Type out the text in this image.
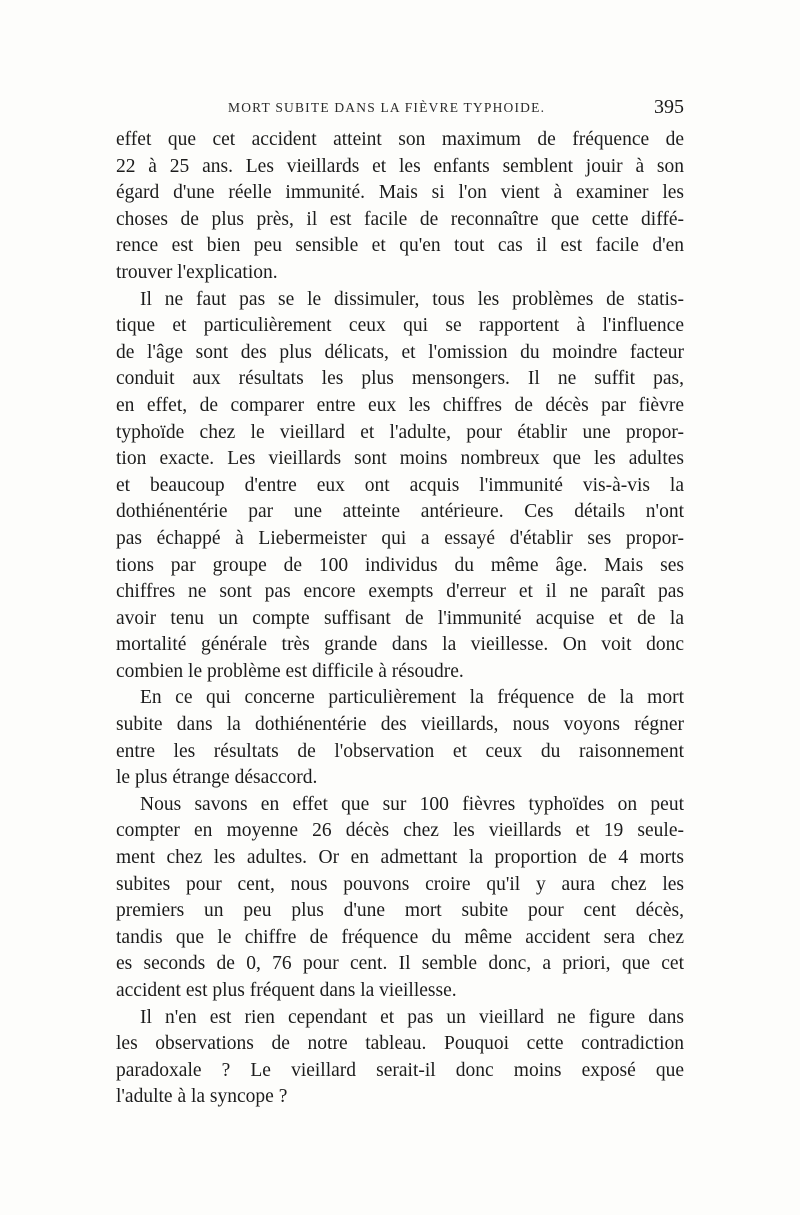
MORT SUBITE DANS LA FIÈVRE TYPHOIDE.	395
effet que cet accident atteint son maximum de fréquence de
22 à 25 ans. Les vieillards et les enfants semblent jouir à son
égard d'une réelle immunité. Mais si l'on vient à examiner les
choses de plus près, il est facile de reconnaître que cette diffé-
rence est bien peu sensible et qu'en tout cas il est facile d'en
trouver l'explication.
Il ne faut pas se le dissimuler, tous les problèmes de statis-
tique et particulièrement ceux qui se rapportent à l'influence
de l'âge sont des plus délicats, et l'omission du moindre facteur
conduit aux résultats les plus mensongers. Il ne suffit pas,
en effet, de comparer entre eux les chiffres de décès par fièvre
typhoïde chez le vieillard et l'adulte, pour établir une propor-
tion exacte. Les vieillards sont moins nombreux que les adultes
et beaucoup d'entre eux ont acquis l'immunité vis-à-vis la
dothiénentérie par une atteinte antérieure. Ces détails n'ont
pas échappé à Liebermeister qui a essayé d'établir ses propor-
tions par groupe de 100 individus du même âge. Mais ses
chiffres ne sont pas encore exempts d'erreur et il ne paraît pas
avoir tenu un compte suffisant de l'immunité acquise et de la
mortalité générale très grande dans la vieillesse. On voit donc
combien le problème est difficile à résoudre.
En ce qui concerne particulièrement la fréquence de la mort
subite dans la dothiénentérie des vieillards, nous voyons régner
entre les résultats de l'observation et ceux du raisonnement
le plus étrange désaccord.
Nous savons en effet que sur 100 fièvres typhoïdes on peut
compter en moyenne 26 décès chez les vieillards et 19 seule-
ment chez les adultes. Or en admettant la proportion de 4 morts
subites pour cent, nous pouvons croire qu'il y aura chez les
premiers un peu plus d'une mort subite pour cent décès,
tandis que le chiffre de fréquence du même accident sera chez
es seconds de 0, 76 pour cent. Il semble donc, a priori, que cet
accident est plus fréquent dans la vieillesse.
Il n'en est rien cependant et pas un vieillard ne figure dans
les observations de notre tableau. Pouquoi cette contradiction
paradoxale ? Le vieillard serait-il donc moins exposé que
l'adulte à la syncope ?
